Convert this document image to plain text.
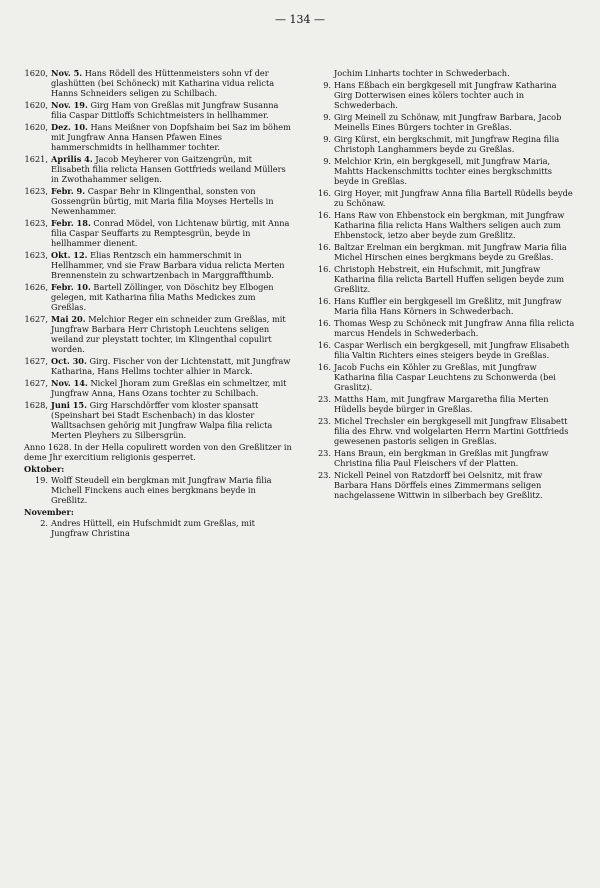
— 134 —
1620, Nov. 5. Hans Rödell des Hüttenmeisters sohn vf der glashütten (bei Schöneck) mit Katharina vidua relicta Hanns Schneiders seligen zu Schilbach.
1620, Nov. 19. Girg Ham von Greßlas mit Jungfraw Susanna filia Caspar Dittloffs Schichtmeisters in hellhammer.
1620, Dez. 10. Hans Meißner von Dopfshaim bei Saz im böhem mit Jungfraw Anna Hansen Pfawen Eines hammerschmidts in hellhammer tochter.
1621, Aprilis 4. Jacob Meyherer von Gaitzengrün, mit Elisabeth filia relicta Hansen Gottfrieds weiland Müllers in Zwothahammer seligen.
1623, Febr. 9. Caspar Behr in Klingenthal, sonsten von Gossengrün bürtig, mit Maria filia Moyses Hertells in Newenhammer.
1623, Febr. 18. Conrad Mödel, von Lichtenaw bürtig, mit Anna filia Caspar Seuffarts zu Remptesgrün, beyde in hellhammer dienent.
1623, Okt. 12. Elias Rentzsch ein hammerschmit in Hellhammer, vnd sie Fraw Barbara vidua relicta Merten Brennenstein zu schwartzenbach in Marggraffthumb.
1626, Febr. 10. Bartell Zöllinger, von Döschitz bey Elbogen gelegen, mit Katharina filia Maths Medickes zum Greßlas.
1627, Mai 20. Melchior Reger ein schneider zum Greßlas, mit Jungfraw Barbara Herr Christoph Leuchtens seligen weiland zur pleystatt tochter, im Klingenthal copulirt worden.
1627, Oct. 30. Girg. Fischer von der Lichtenstatt, mit Jungfraw Katharina, Hans Hellms tochter alhier in Marck.
1627, Nov. 14. Nickel Jhoram zum Greßlas ein schmeltzer, mit Jungfraw Anna, Hans Ozans tochter zu Schilbach.
1628, Juni 15. Girg Harschdörffer vom kloster spansatt (Speinshart bei Stadt Eschenbach) in das kloster Walltsachsen gehörig mit Jungfraw Walpa filia relicta Merten Pleyhers zu Silbersgrün.
Anno 1628. In der Hella copulirett worden von den Greßlitzer in deme Jhr exercitium religionis gesperret.
Oktober:
19. Wolff Steudell ein bergkman mit Jungfraw Maria filia Michell Finckens auch eines bergkmans beyde in Greßlitz.
November:
2. Andres Hüttell, ein Hufschmidt zum Greßlas, mit Jungfraw Christina
Jochim Linharts tochter in Schwederbach.
9. Hans Eßbach ein bergkgesell mit Jungfraw Katharina Girg Dotterwisen eines kölers tochter auch in Schwederbach.
9. Girg Meinell zu Schönaw, mit Jungfraw Barbara, Jacob Meinells Eines Bürgers tochter in Greßlas.
9. Girg Kürst, ein bergkschmit, mit Jungfraw Regina filia Christoph Langhammers beyde zu Greßlas.
9. Melchior Krin, ein bergkgesell, mit Jungfraw Maria, Mahtts Hackenschmitts tochter eines bergkschmitts beyde in Greßlas.
16. Girg Hoyer, mit Jungfraw Anna filia Bartell Rüdells beyde zu Schönaw.
16. Hans Raw von Ehbenstock ein bergkman, mit Jungfraw Katharina filia relicta Hans Walthers seligen auch zum Ehbenstock, ietzo aber beyde zum Greßlitz.
16. Baltzar Erelman ein bergkman. mit Jungfraw Maria filia Michel Hirschen eines bergkmans beyde zu Greßlas.
16. Christoph Hebstreit, ein Hufschmit, mit Jungfraw Katharina filia relicta Bartell Huffen seligen beyde zum Greßlitz.
16. Hans Kuffler ein bergkgesell im Greßlitz, mit Jungfraw Maria filia Hans Körners in Schwederbach.
16. Thomas Wesp zu Schöneck mit Jungfraw Anna filia relicta marcus Hendels in Schwederbach.
16. Caspar Werlisch ein bergkgesell, mit Jungfraw Elisabeth filia Valtin Richters eines steigers beyde in Greßlas.
16. Jacob Fuchs ein Köhler zu Greßlas, mit Jungfraw Katharina filia Caspar Leuchtens zu Schonwerda (bei Graslitz).
23. Matths Ham, mit Jungfraw Margaretha filia Merten Hüdells beyde bürger in Greßlas.
23. Michel Trechsler ein bergkgesell mit Jungfraw Elisabett filia des Ehrw. vnd wolgelarten Herrn Martini Gottfrieds gewesenen pastoris seligen in Greßlas.
23. Hans Braun, ein bergkman in Greßlas mit Jungfraw Christina filia Paul Fleischers vf der Platten.
23. Nickell Peinel von Ratzdorff bei Oelsnitz, mit fraw Barbara Hans Dörffels eines Zimmermans seligen nachgelassene Wittwin in silberbach bey Greßlitz.
